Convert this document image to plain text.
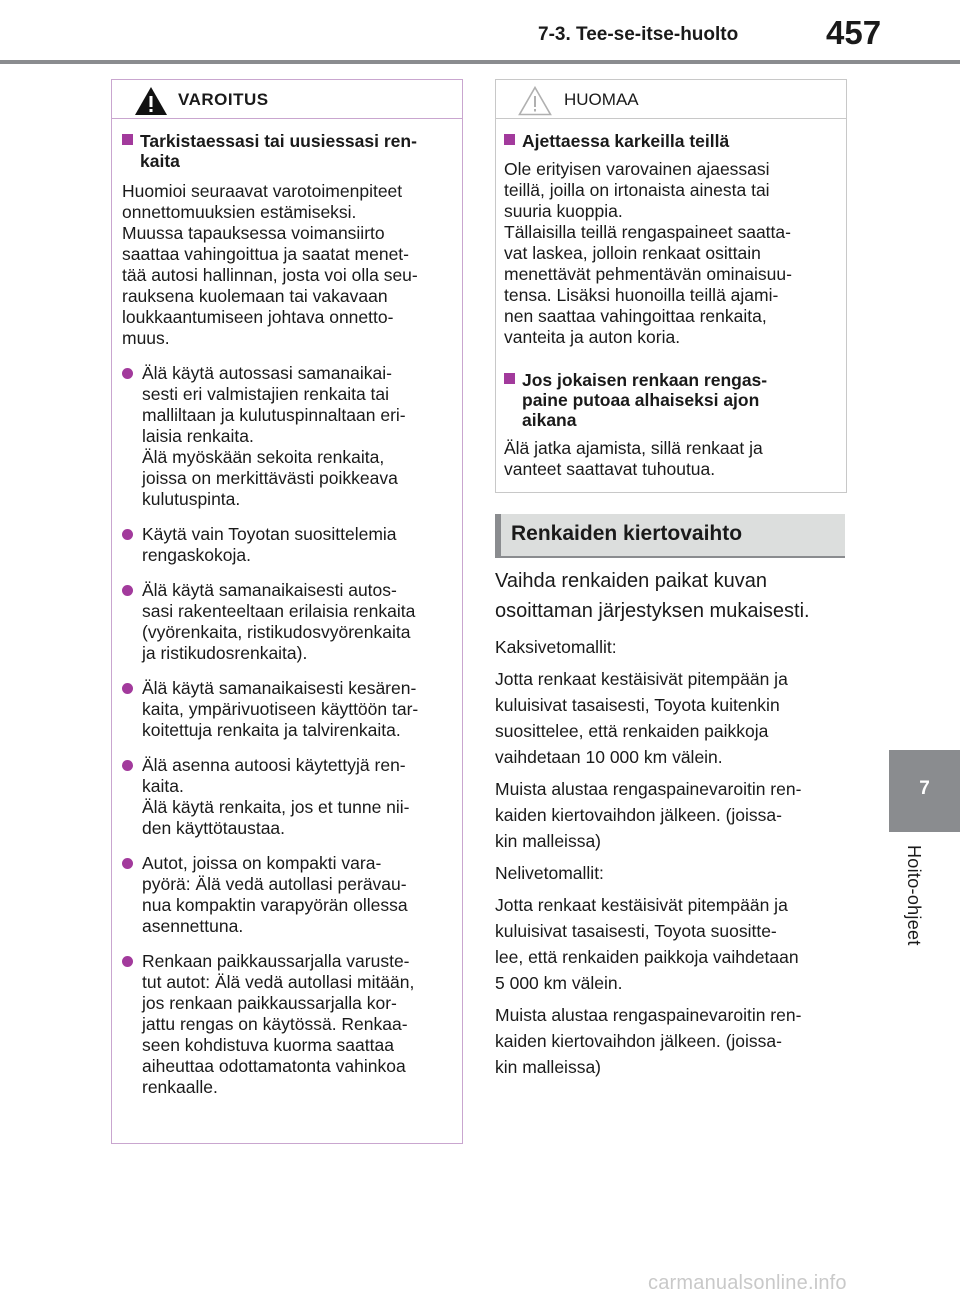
7-3. Tee-se-itse-huolto	457
7
Hoito-ohjeet
VAROITUS
Tarkistaessasi tai uusiessasi ren-
kaita

Huomioi seuraavat varotoimenpiteet
onnettomuuksien estämiseksi.
Muussa tapauksessa voimansiirto
saattaa vahingoittua ja saatat menet-
tää autosi hallinnan, josta voi olla seu-
rauksena kuolemaan tai vakavaan
loukkaantumiseen johtava onnetto-
muus.

Älä käytä autossasi samanaikai-
sesti eri valmistajien renkaita tai
malliltaan ja kulutuspinnaltaan eri-
laisia renkaita.
Älä myöskään sekoita renkaita,
joissa on merkittävästi poikkeava
kulutuspinta.
Käytä vain Toyotan suosittelemia
rengaskokoja.
Älä käytä samanaikaisesti autos-
sasi rakenteeltaan erilaisia renkaita
(vyörenkaita, ristikudosvyörenkaita
ja ristikudosrenkaita).
Älä käytä samanaikaisesti kesären-
kaita, ympärivuotiseen käyttöön tar-
koitettuja renkaita ja talvirenkaita.
Älä asenna autoosi käytettyjä ren-
kaita.
Älä käytä renkaita, jos et tunne nii-
den käyttötaustaa.
Autot, joissa on kompakti vara-
pyörä: Älä vedä autollasi perävau-
nua kompaktin varapyörän ollessa
asennettuna.
Renkaan paikkaussarjalla varuste-
tut autot: Älä vedä autollasi mitään,
jos renkaan paikkaussarjalla kor-
jattu rengas on käytössä. Renkaa-
seen kohdistuva kuorma saattaa
aiheuttaa odottamatonta vahinkoa
renkaalle.
HUOMAA
Ajettaessa karkeilla teillä

Ole erityisen varovainen ajaessasi
teillä, joilla on irtonaista ainesta tai
suuria kuoppia.
Tällaisilla teillä rengaspaineet saatta-
vat laskea, jolloin renkaat osittain
menettävät pehmentävän ominaisuu-
tensa. Lisäksi huonoilla teillä ajami-
nen saattaa vahingoittaa renkaita,
vanteita ja auton koria.

Jos jokaisen renkaan rengas-
paine putoaa alhaiseksi ajon
aikana

Älä jatka ajamista, sillä renkaat ja
vanteet saattavat tuhoutua.

Renkaiden kiertovaihto

Vaihda renkaiden paikat kuvan
osoittaman järjestyksen mukaisesti.

Kaksivetomallit:

Jotta renkaat kestäisivät pitempään ja
kuluisivat tasaisesti, Toyota kuitenkin
suosittelee, että renkaiden paikkoja
vaihdetaan 10 000 km välein.

Muista alustaa rengaspainevaroitin ren-
kaiden kiertovaihdon jälkeen. (joissa-
kin malleissa)

Nelivetomallit:

Jotta renkaat kestäisivät pitempään ja
kuluisivat tasaisesti, Toyota suositte-
lee, että renkaiden paikkoja vaihdetaan
5 000 km välein.

Muista alustaa rengaspainevaroitin ren-
kaiden kiertovaihdon jälkeen. (joissa-
kin malleissa)

carmanualsonline.info
